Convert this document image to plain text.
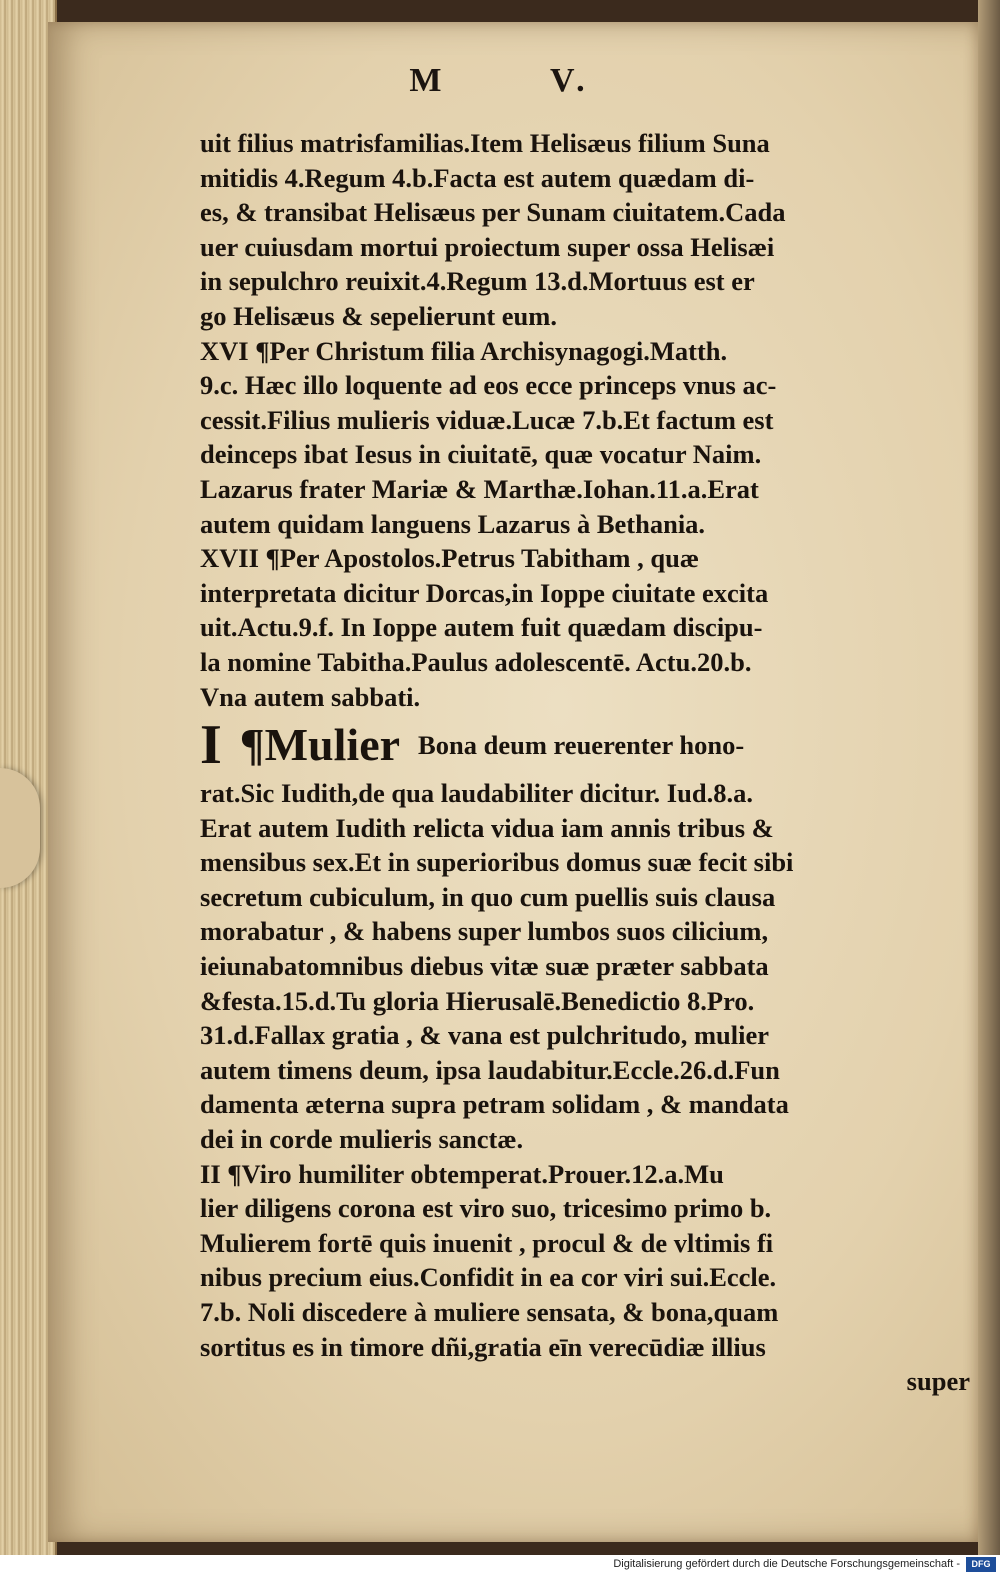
M	V.
uit filius matrisfamilias.Item Helisæus filium Suna
mitidis 4.Regum 4.b.Facta est autem quædam di-
es, & transibat Helisæus per Sunam ciuitatem.Cada
uer cuiusdam mortui proiectum super ossa Helisæi
in sepulchro reuixit.4.Regum 13.d.Mortuus est er
go Helisæus & sepelierunt eum.
XVI ¶Per Christum filia Archisynagogi.Matth.
9.c. Hæc illo loquente ad eos ecce princeps vnus ac-
cessit.Filius mulieris viduæ.Lucæ 7.b.Et factum est
deinceps ibat Iesus in ciuitatē, quæ vocatur Naim.
Lazarus frater Mariæ & Marthæ.Iohan.11.a.Erat
autem quidam languens Lazarus à Bethania.
XVII ¶Per Apostolos.Petrus Tabitham , quæ
interpretata dicitur Dorcas,in Ioppe ciuitate excita
uit.Actu.9.f. In Ioppe autem fuit quædam discipu-
la nomine Tabitha.Paulus adolescentē. Actu.20.b.
Vna autem sabbati.
I ¶Mulier Bona deum reuerenter hono-
rat.Sic Iudith,de qua laudabiliter dicitur. Iud.8.a.
Erat autem Iudith relicta vidua iam annis tribus &
mensibus sex.Et in superioribus domus suæ fecit sibi
secretum cubiculum, in quo cum puellis suis clausa
morabatur , & habens super lumbos suos cilicium,
ieiunabatomnibus diebus vitæ suæ præter sabbata
&festa.15.d.Tu gloria Hierusalē.Benedictio 8.Pro.
31.d.Fallax gratia , & vana est pulchritudo, mulier
autem timens deum, ipsa laudabitur.Eccle.26.d.Fun
damenta æterna supra petram solidam , & mandata
dei in corde mulieris sanctæ.
II ¶Viro humiliter obtemperat.Prouer.12.a.Mu
lier diligens corona est viro suo, tricesimo primo b.
Mulierem fortē quis inuenit , procul & de vltimis fi
nibus precium eius.Confidit in ea cor viri sui.Eccle.
7.b. Noli discedere à muliere sensata, & bona,quam
sortitus es in timore dñi,gratia eīn verecūdiæ illius
super
Digitalisierung gefördert durch die Deutsche Forschungsgemeinschaft -	DFG
